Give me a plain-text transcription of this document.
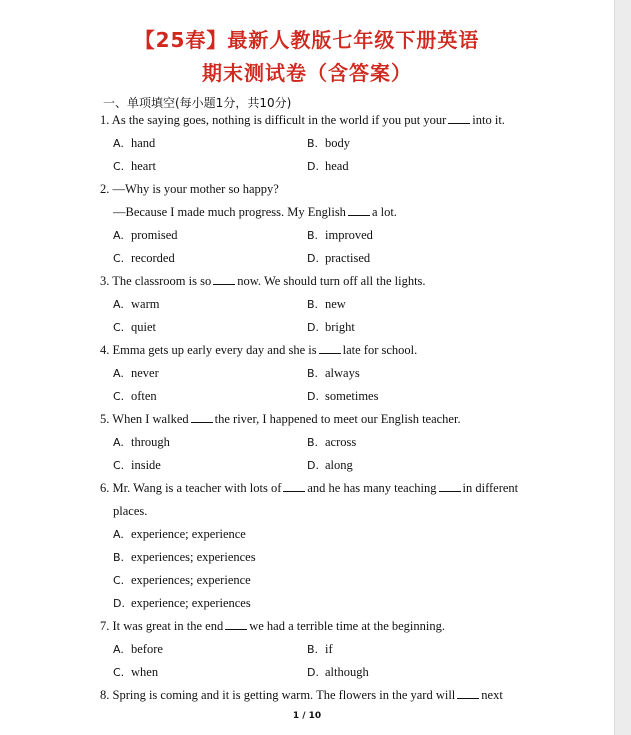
【25春】最新人教版七年级下册英语
期末测试卷（含答案）
一、单项填空(每小题1分，共10分)
1. As the saying goes, nothing is difficult in the world if you put your into it.
A. hand	B. body
C. heart	D. head
2. —Why is your mother so happy?
—Because I made much progress. My English a lot.
A. promised	B. improved
C. recorded	D. practised
3. The classroom is so now. We should turn off all the lights.
A. warm	B. new
C. quiet	D. bright
4. Emma gets up early every day and she is late for school.
A. never	B. always
C. often	D. sometimes
5. When I walked the river, I happened to meet our English teacher.
A. through	B. across
C. inside	D. along
6. Mr. Wang is a teacher with lots of and he has many teaching in different
places.
A. experience; experience
B. experiences; experiences
C. experiences; experience
D. experience; experiences
7. It was great in the end we had a terrible time at the beginning.
A. before	B. if
C. when	D. although
8. Spring is coming and it is getting warm. The flowers in the yard will next
1 / 10
